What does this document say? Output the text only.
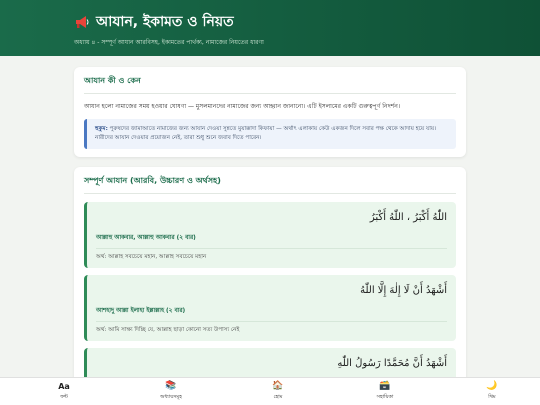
আযান, ইকামত ও নিয়ত
অধ্যায় ৪ - সম্পূর্ণ আযান আরবিসহ, ইকামতের পার্থক্য, নামাজের নিয়তের ধারণা
আযান কী ও কেন
আযান হলো নামাজের সময় হওয়ার ঘোষণা — মুসলমানদের নামাজের জন্য আহ্বান জানানো। এটি ইসলামের একটি গুরুত্বপূর্ণ নিদর্শন।
হুকুম: পুরুষদের জামাআতে নামাজের জন্য আযান দেওয়া সুন্নতে মুয়াক্কাদা কিফায়া — অর্থাৎ এলাকায় কেউ একজন দিলে সবার পক্ষ থেকে আদায় হয়ে যায়। নারীদের আযান দেওয়ার প্রয়োজন নেই, তারা শুধু শুনে জবাব দিতে পারেন।
সম্পূর্ণ আযান (আরবি, উচ্চারণ ও অর্থসহ)
اللّٰهُ أَكْبَرُ ، اللّٰهُ أَكْبَرُ
আল্লাহু আকবার, আল্লাহু আকবার (২ বার)
অর্থ: আল্লাহ সবচেয়ে মহান, আল্লাহ সবচেয়ে মহান
أَشْهَدُ أَنْ لَا إِلٰهَ إِلَّا اللّٰهُ
আশহাদু আল্লা ইলাহা ইল্লাল্লাহ (২ বার)
অর্থ: আমি সাক্ষ্য দিচ্ছি যে, আল্লাহ ছাড়া কোনো সত্য উপাস্য নেই
أَشْهَدُ أَنَّ مُحَمَّدًا رَسُولُ اللّٰهِ
Aa
ফন্ট
📚
অধ্যায়সমূহ
🏠
হোম
🗃️
সহায়িকা
🌙
থিম
